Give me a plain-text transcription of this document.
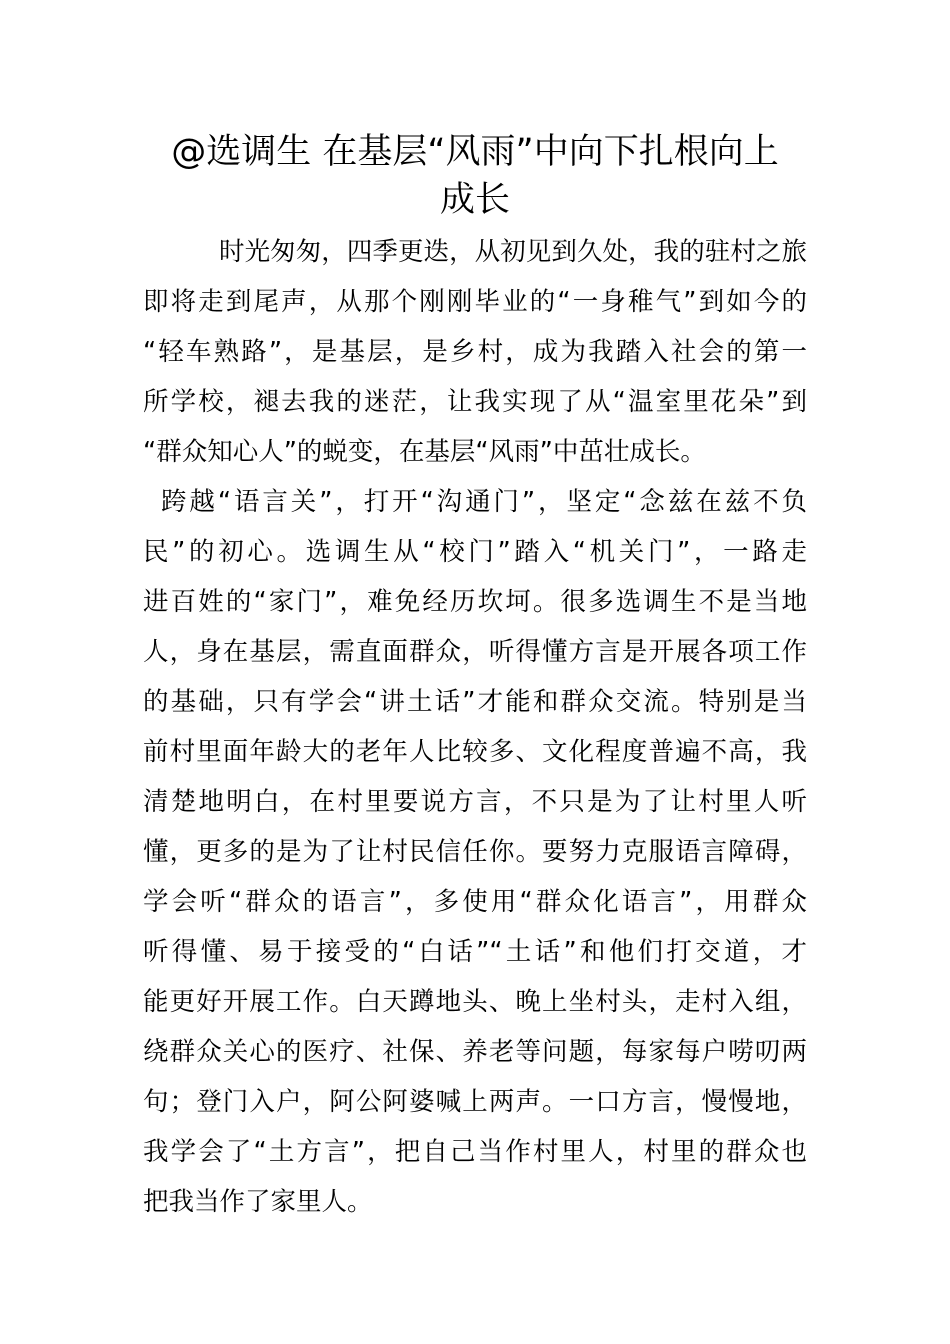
@选调生 在基层“风雨”中向下扎根向上
成长
时光匆匆，四季更迭，从初见到久处，我的驻村之旅
即将走到尾声，从那个刚刚毕业的“一身稚气”到如今的
“轻车熟路”，是基层，是乡村，成为我踏入社会的第一
所学校，褪去我的迷茫，让我实现了从“温室里花朵”到
“群众知心人”的蜕变，在基层“风雨”中茁壮成长。
跨越“语言关”，打开“沟通门”，坚定“念兹在兹不负
民”的初心。选调生从“校门”踏入“机关门”，一路走
进百姓的“家门”，难免经历坎坷。很多选调生不是当地
人，身在基层，需直面群众，听得懂方言是开展各项工作
的基础，只有学会“讲土话”才能和群众交流。特别是当
前村里面年龄大的老年人比较多、文化程度普遍不高，我
清楚地明白，在村里要说方言，不只是为了让村里人听
懂，更多的是为了让村民信任你。要努力克服语言障碍，
学会听“群众的语言”，多使用“群众化语言”，用群众
听得懂、易于接受的“白话”“土话”和他们打交道，才
能更好开展工作。白天蹲地头、晚上坐村头，走村入组，
绕群众关心的医疗、社保、养老等问题，每家每户唠叨两
句；登门入户，阿公阿婆喊上两声。一口方言，慢慢地，
我学会了“土方言”，把自己当作村里人，村里的群众也
把我当作了家里人。
